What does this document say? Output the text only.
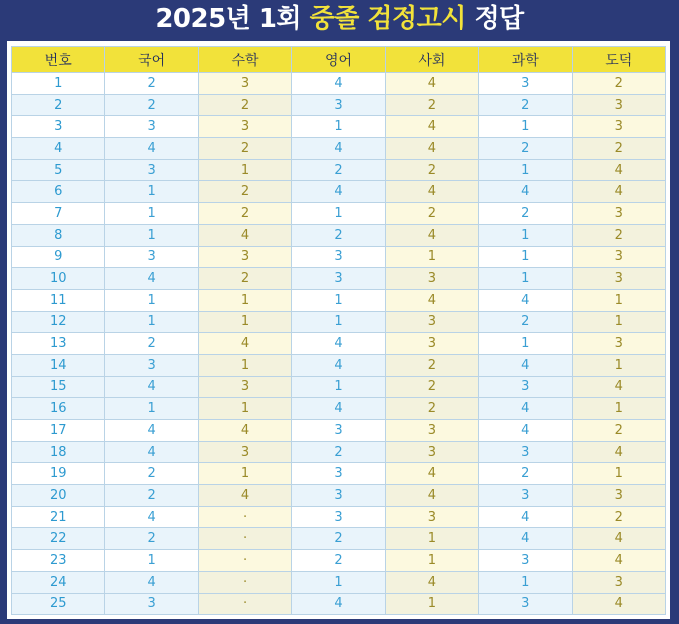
2025년 1회 중졸 검정고시 정답
번호	국어	수학	영어	사회	과학	도덕
1	2	3	4	4	3	2
2	2	2	3	2	2	3
3	3	3	1	4	1	3
4	4	2	4	4	2	2
5	3	1	2	2	1	4
6	1	2	4	4	4	4
7	1	2	1	2	2	3
8	1	4	2	4	1	2
9	3	3	3	1	1	3
10	4	2	3	3	1	3
11	1	1	1	4	4	1
12	1	1	1	3	2	1
13	2	4	4	3	1	3
14	3	1	4	2	4	1
15	4	3	1	2	3	4
16	1	1	4	2	4	1
17	4	4	3	3	4	2
18	4	3	2	3	3	4
19	2	1	3	4	2	1
20	2	4	3	4	3	3
21	4	·	3	3	4	2
22	2	·	2	1	4	4
23	1	·	2	1	3	4
24	4	·	1	4	1	3
25	3	·	4	1	3	4
